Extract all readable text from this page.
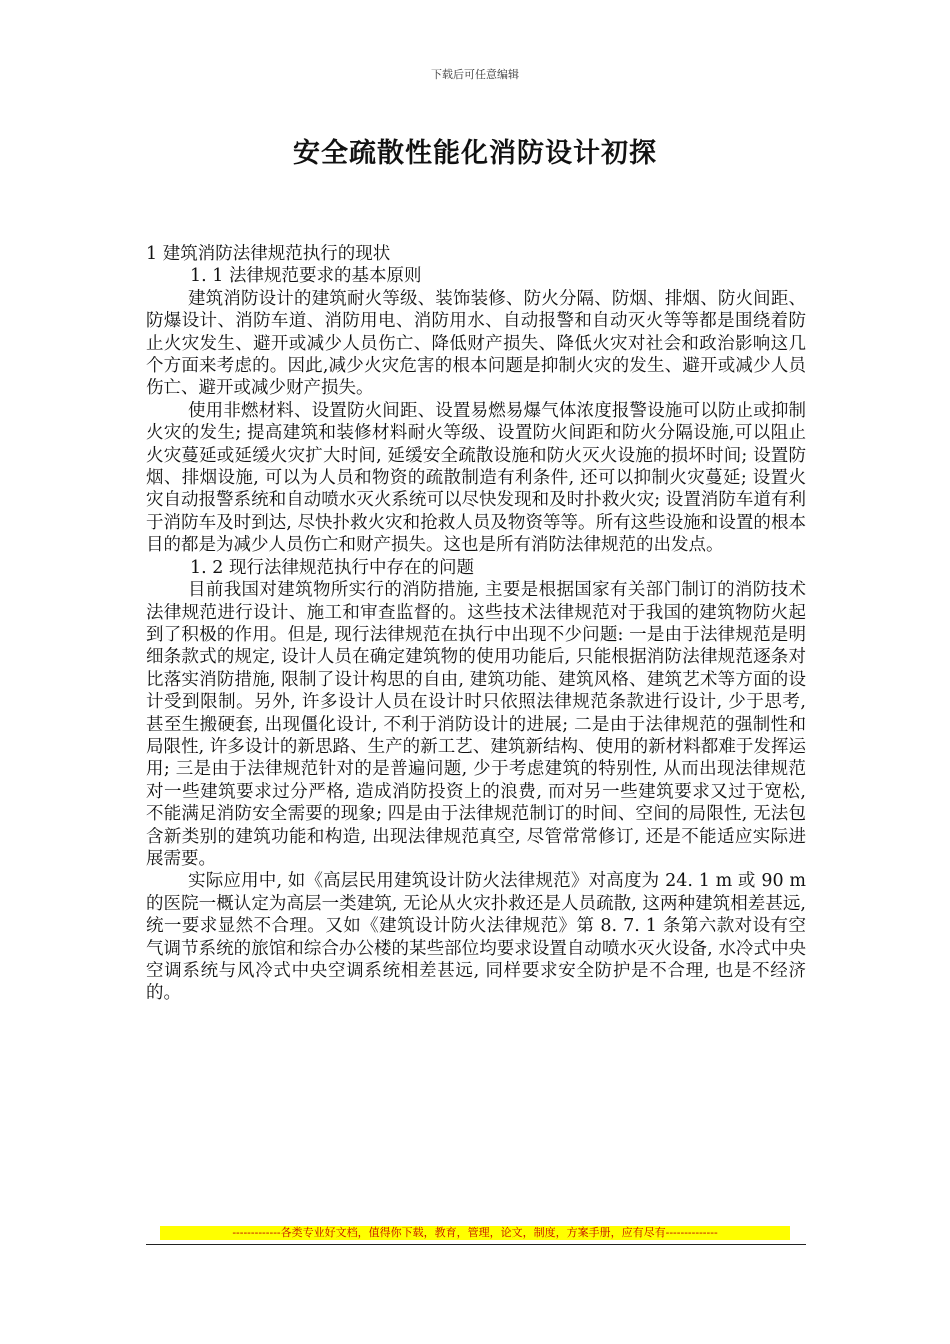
下载后可任意编辑
安全疏散性能化消防设计初探

1 建筑消防法律规范执行的现状

1. 1 法律规范要求的基本原则

建筑消防设计的建筑耐火等级、装饰装修、防火分隔、防烟、排烟、防火间距、防爆设计、消防车道、消防用电、消防用水、自动报警和自动灭火等等都是围绕着防止火灾发生、避开或减少人员伤亡、降低财产损失、降低火灾对社会和政治影响这几个方面来考虑的。因此,减少火灾危害的根本问题是抑制火灾的发生、避开或减少人员伤亡、避开或减少财产损失。

使用非燃材料、设置防火间距、设置易燃易爆气体浓度报警设施可以防止或抑制火灾的发生; 提高建筑和装修材料耐火等级、设置防火间距和防火分隔设施,可以阻止火灾蔓延或延缓火灾扩大时间, 延缓安全疏散设施和防火灭火设施的损坏时间; 设置防烟、排烟设施, 可以为人员和物资的疏散制造有利条件, 还可以抑制火灾蔓延; 设置火灾自动报警系统和自动喷水灭火系统可以尽快发现和及时扑救火灾; 设置消防车道有利于消防车及时到达, 尽快扑救火灾和抢救人员及物资等等。所有这些设施和设置的根本目的都是为减少人员伤亡和财产损失。这也是所有消防法律规范的出发点。

1. 2 现行法律规范执行中存在的问题

目前我国对建筑物所实行的消防措施, 主要是根据国家有关部门制订的消防技术法律规范进行设计、施工和审查监督的。这些技术法律规范对于我国的建筑物防火起到了积极的作用。但是, 现行法律规范在执行中出现不少问题: 一是由于法律规范是明细条款式的规定, 设计人员在确定建筑物的使用功能后, 只能根据消防法律规范逐条对比落实消防措施, 限制了设计构思的自由, 建筑功能、建筑风格、建筑艺术等方面的设计受到限制。另外, 许多设计人员在设计时只依照法律规范条款进行设计, 少于思考, 甚至生搬硬套, 出现僵化设计, 不利于消防设计的进展; 二是由于法律规范的强制性和局限性, 许多设计的新思路、生产的新工艺、建筑新结构、使用的新材料都难于发挥运用; 三是由于法律规范针对的是普遍问题, 少于考虑建筑的特别性, 从而出现法律规范对一些建筑要求过分严格, 造成消防投资上的浪费, 而对另一些建筑要求又过于宽松, 不能满足消防安全需要的现象; 四是由于法律规范制订的时间、空间的局限性, 无法包含新类别的建筑功能和构造, 出现法律规范真空, 尽管常常修订, 还是不能适应实际进展需要。

实际应用中, 如《高层民用建筑设计防火法律规范》对高度为 24. 1 m 或 90 m 的医院一概认定为高层一类建筑, 无论从火灾扑救还是人员疏散, 这两种建筑相差甚远, 统一要求显然不合理。又如《建筑设计防火法律规范》第 8. 7. 1 条第六款对设有空气调节系统的旅馆和综合办公楼的某些部位均要求设置自动喷水灭火设备, 水冷式中央空调系统与风冷式中央空调系统相差甚远, 同样要求安全防护是不合理, 也是不经济的。

-------------各类专业好文档，值得你下载，教育，管理，论文，制度，方案手册，应有尽有--------------
